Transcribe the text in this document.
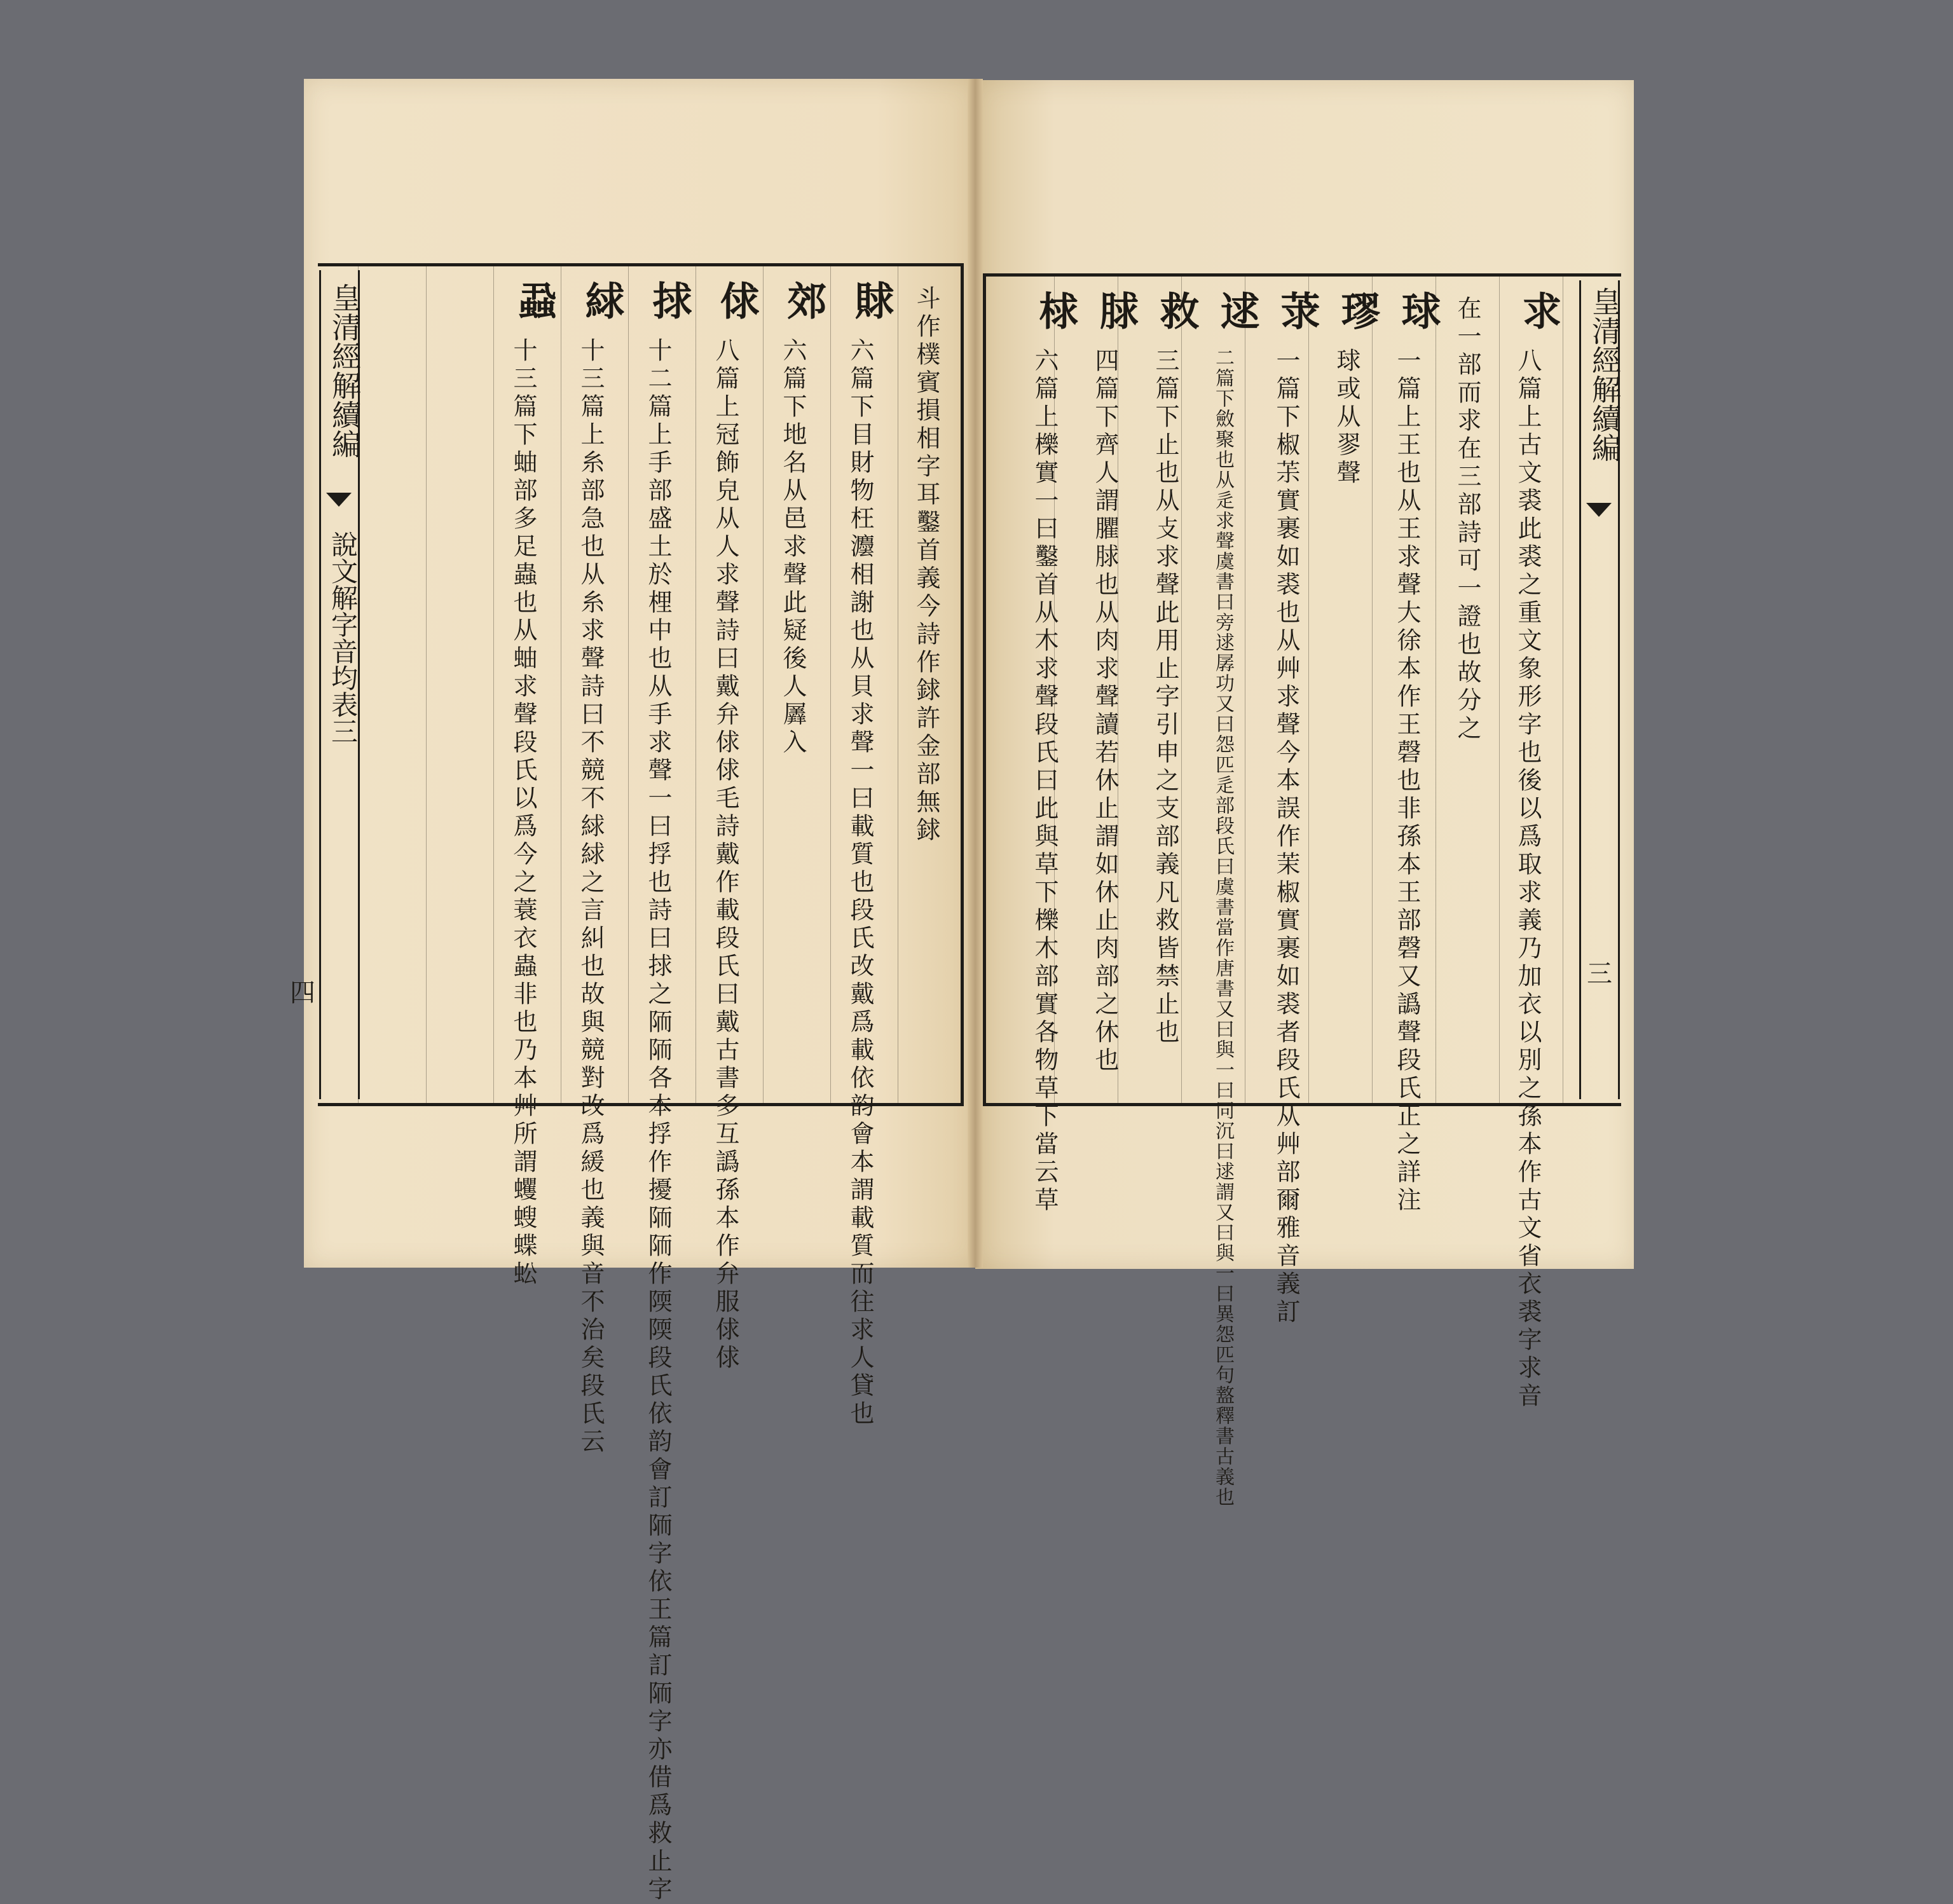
斗作樸賓損相字耳鑿首義今詩作銶許金部無銶
賕
六篇下目財物枉灋相謝也从貝求聲一曰載質也段氏改戴爲載依韵會本謂載質而往求人貸也
郊
六篇下地名从邑求聲此疑後人羼入
俅
八篇上冠飾皃从人求聲詩曰戴弁俅俅毛詩戴作載段氏曰戴古書多互譌孫本作弁服俅俅
捄
十二篇上手部盛土於梩中也从手求聲一曰捊也詩曰捄之陑陑各本捊作擾陑陑作陾陾段氏依韵會訂陑字依王篇訂陑字亦借爲救止字
絿
十三篇上糸部急也从糸求聲詩曰不競不絿絿之言糾也故與競對改爲緩也義與音不治矣段氏云
蝨
十三篇下蚰部多足蟲也从蚰求聲段氏以爲今之蓑衣蟲非也乃本艸所謂蠼螋蝶蚣
皇清經解續編
說文解字音均表三
四
求
八篇上古文裘此裘之重文象形字也後以爲取求義乃加衣以別之孫本作古文省衣裘字求音
在一部而求在三部詩可一證也故分之
球
一篇上王也从王求聲大徐本作王磬也非孫本王部磬又譌聲段氏正之詳注
璆
球或从翏聲
莍
一篇下椒茮實裹如裘也从艸求聲今本誤作茉椒實裹如裘者段氏从艸部爾雅音義訂
逑
二篇下斂聚也从辵求聲虞書曰旁逑孱功又曰怨匹辵部段氏曰虞書當作唐書又曰與一曰同沉曰逑謂又曰與一曰異怨匹句盩釋書古義也
救
三篇下止也从攴求聲此用止字引申之支部義凡救皆禁止也
脙
四篇下齊人謂臞脙也从肉求聲讀若休止謂如休止肉部之休也
梂
六篇上櫟實一曰鑿首从木求聲段氏曰此與草下櫟木部實各物草下當云草	皇清經解續編
三
